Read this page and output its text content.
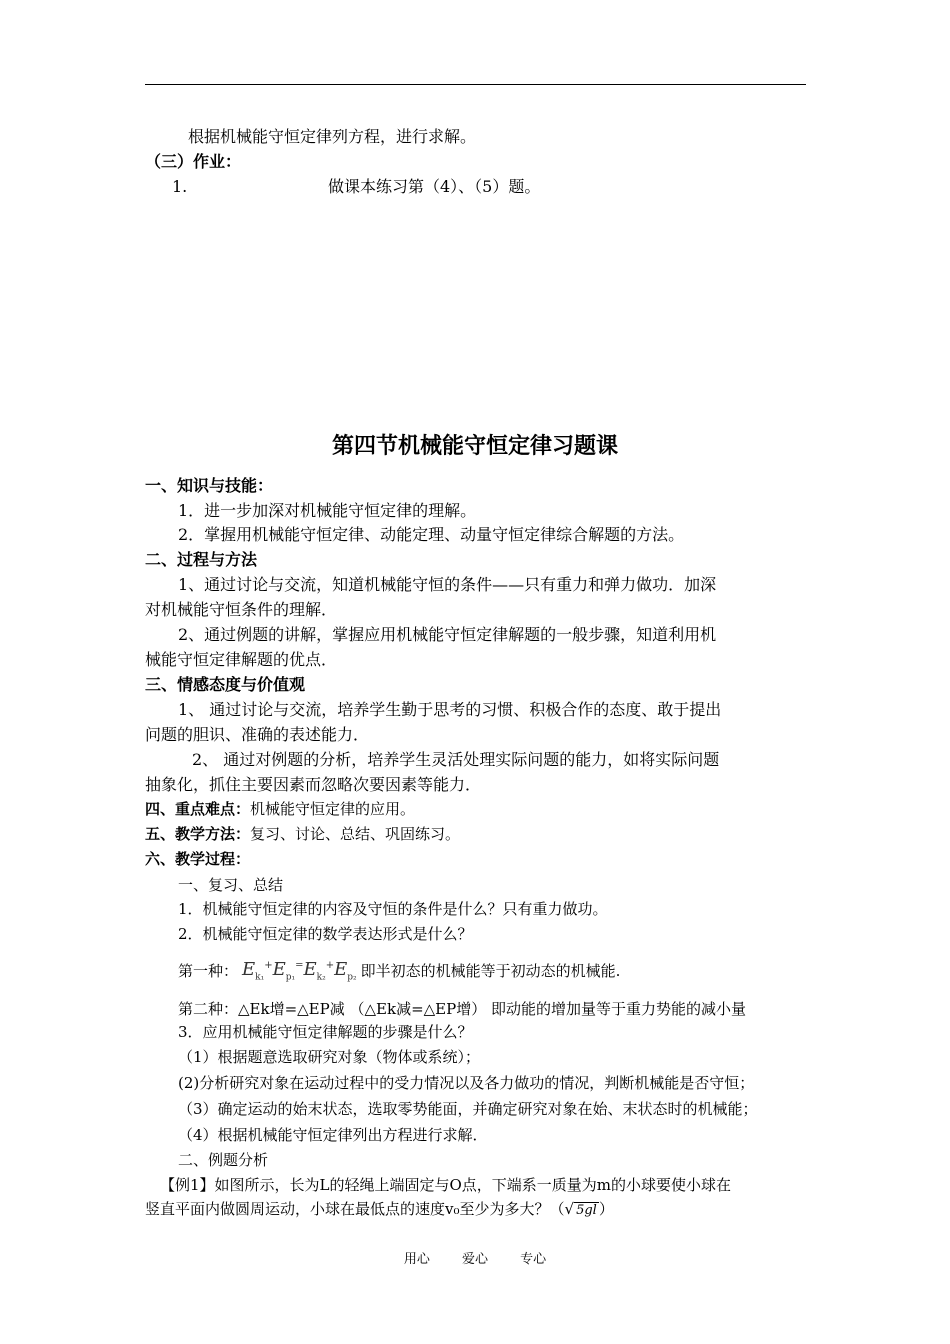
根据机械能守恒定律列方程，进行求解。
（三）作业：
1.	做课本练习第（4）、（5）题。
第四节机械能守恒定律习题课
一、知识与技能：
1．进一步加深对机械能守恒定律的理解。
2．掌握用机械能守恒定律、动能定理、动量守恒定律综合解题的方法。
二、过程与方法
1、通过讨论与交流，知道机械能守恒的条件——只有重力和弹力做功．加深
对机械能守恒条件的理解．
2、通过例题的讲解，掌握应用机械能守恒定律解题的一般步骤，知道利用机
械能守恒定律解题的优点．
三、情感态度与价值观
1、 通过讨论与交流，培养学生勤于思考的习惯、积极合作的态度、敢于提出
问题的胆识、准确的表述能力．
2、 通过对例题的分析，培养学生灵活处理实际问题的能力，如将实际问题
抽象化，抓住主要因素而忽略次要因素等能力．
四、重点难点：机械能守恒定律的应用。
五、教学方法：复习、讨论、总结、巩固练习。
六、教学过程：
一、复习、总结
1．机械能守恒定律的内容及守恒的条件是什么？只有重力做功。
2．机械能守恒定律的数学表达形式是什么？
第一种： $E_{k_1}^+E_{p_1}^=E_{k_2}^+E_{p_2}$ 即半初态的机械能等于初动态的机械能.
第二种：△Ek增=△EP减 （△Ek减=△EP增） 即动能的增加量等于重力势能的减小量
3．应用机械能守恒定律解题的步骤是什么？
（1）根据题意选取研究对象（物体或系统）；
(2)分析研究对象在运动过程中的受力情况以及各力做功的情况，判断机械能是否守恒；
（3）确定运动的始末状态，选取零势能面，并确定研究对象在始、末状态时的机械能；
（4）根据机械能守恒定律列出方程进行求解．
二、例题分析
【例1】如图所示，长为L的轻绳上端固定与O点，下端系一质量为m的小球要使小球在
竖直平面内做圆周运动，小球在最低点的速度v₀至少为多大？（√ 5gl ）
用心 爱心 专心
